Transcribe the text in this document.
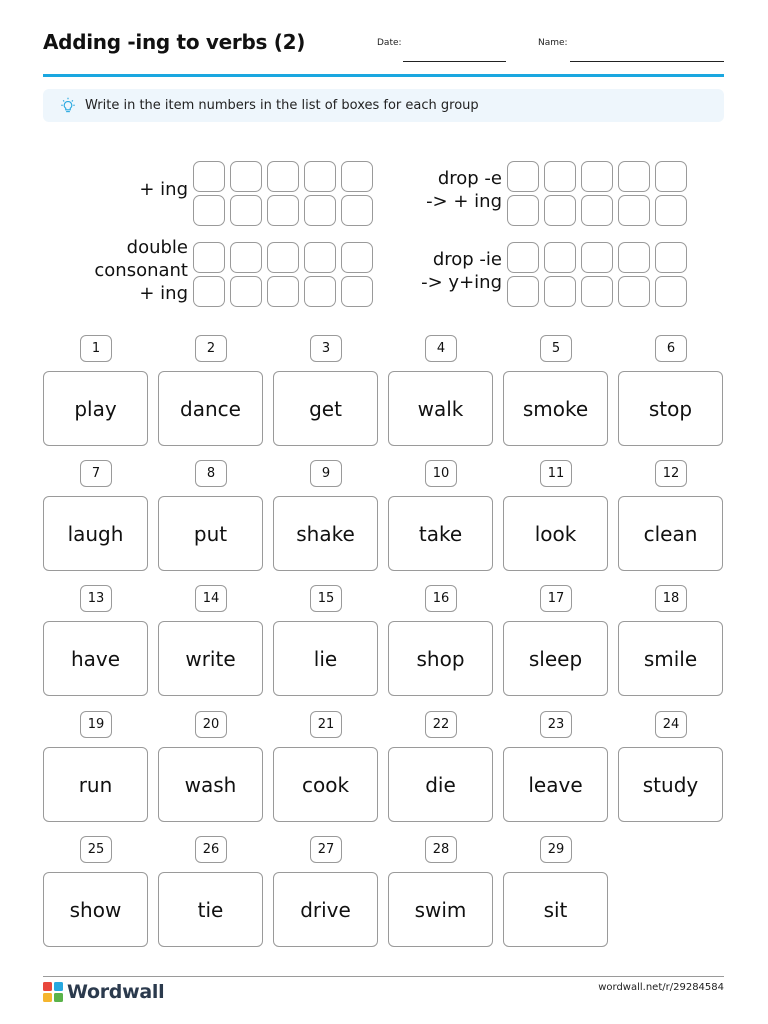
Adding -ing to verbs (2)	Date:	Name:
Write in the item numbers in the list of boxes for each group
+ ing
drop -e
-> + ing
double
consonant
+ ing
drop -ie
-> y+ing
1
play
2
dance
3
get
4
walk
5
smoke
6
stop
7
laugh
8
put
9
shake
10
take
11
look
12
clean
13
have
14
write
15
lie
16
shop
17
sleep
18
smile
19
run
20
wash
21
cook
22
die
23
leave
24
study
25
show
26
tie
27
drive
28
swim
29
sit
Wordwall	wordwall.net/r/29284584
